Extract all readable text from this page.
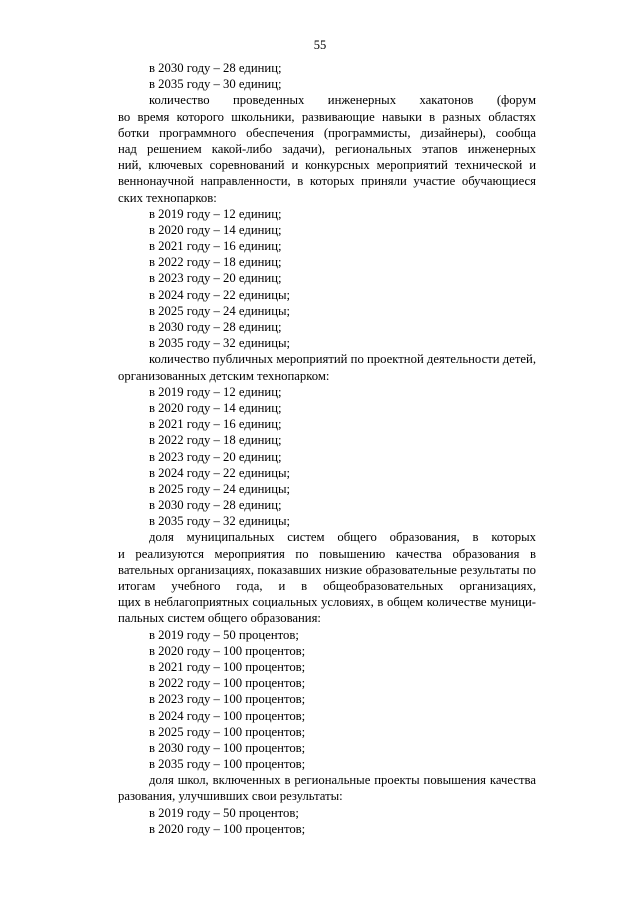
55
в 2030 году – 28 единиц;
в 2035 году – 30 единиц;
количество проведенных инженерных хакатонов (форум
во время которого школьники, развивающие навыки в разных областях
ботки программного обеспечения (программисты, дизайнеры), сообща
над решением какой-либо задачи), региональных этапов инженерных
ний, ключевых соревнований и конкурсных мероприятий технической и
веннонаучной направленности, в которых приняли участие обучающиеся
ских технопарков:
в 2019 году – 12 единиц;
в 2020 году – 14 единиц;
в 2021 году – 16 единиц;
в 2022 году – 18 единиц;
в 2023 году – 20 единиц;
в 2024 году – 22 единицы;
в 2025 году – 24 единицы;
в 2030 году – 28 единиц;
в 2035 году – 32 единицы;
количество публичных мероприятий по проектной деятельности детей,
организованных детским технопарком:
в 2019 году – 12 единиц;
в 2020 году – 14 единиц;
в 2021 году – 16 единиц;
в 2022 году – 18 единиц;
в 2023 году – 20 единиц;
в 2024 году – 22 единицы;
в 2025 году – 24 единицы;
в 2030 году – 28 единиц;
в 2035 году – 32 единицы;
доля муниципальных систем общего образования, в которых
и реализуются мероприятия по повышению качества образования в
вательных организациях, показавших низкие образовательные результаты по
итогам учебного года, и в общеобразовательных организациях,
щих в неблагоприятных социальных условиях, в общем количестве муници-
пальных систем общего образования:
в 2019 году – 50 процентов;
в 2020 году – 100 процентов;
в 2021 году – 100 процентов;
в 2022 году – 100 процентов;
в 2023 году – 100 процентов;
в 2024 году – 100 процентов;
в 2025 году – 100 процентов;
в 2030 году – 100 процентов;
в 2035 году – 100 процентов;
доля школ, включенных в региональные проекты повышения качества
разования, улучшивших свои результаты:
в 2019 году – 50 процентов;
в 2020 году – 100 процентов;
